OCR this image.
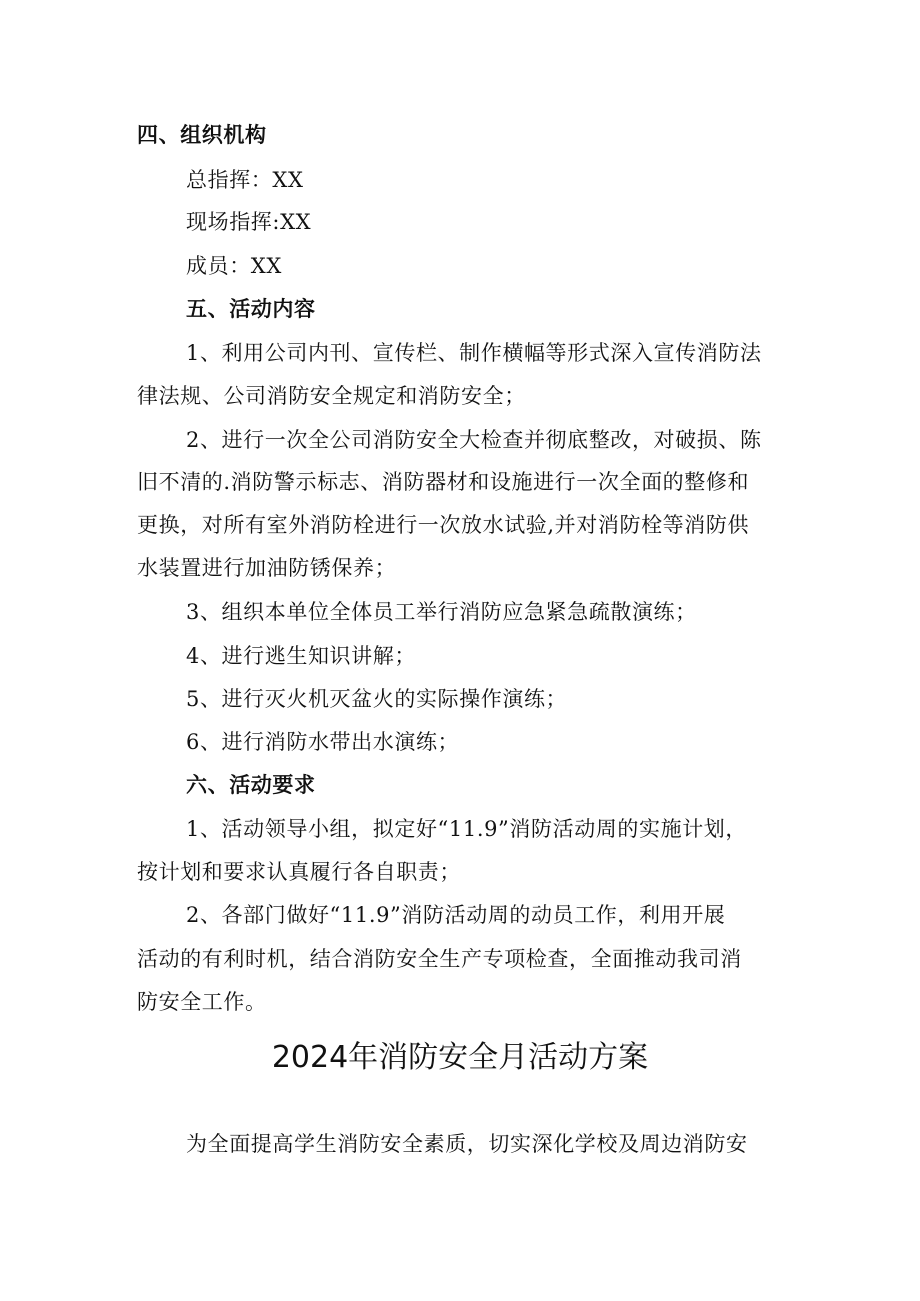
四、组织机构
总指挥：XX
现场指挥:XX
成员：XX
五、活动内容
1、利用公司内刊、宣传栏、制作横幅等形式深入宣传消防法
律法规、公司消防安全规定和消防安全；
2、进行一次全公司消防安全大检查并彻底整改，对破损、陈
旧不清的.消防警示标志、消防器材和设施进行一次全面的整修和
更换，对所有室外消防栓进行一次放水试验,并对消防栓等消防供
水装置进行加油防锈保养；
3、组织本单位全体员工举行消防应急紧急疏散演练；
4、进行逃生知识讲解；
5、进行灭火机灭盆火的实际操作演练；
6、进行消防水带出水演练；
六、活动要求
1、活动领导小组，拟定好“11.9”消防活动周的实施计划，
按计划和要求认真履行各自职责；
2、各部门做好“11.9”消防活动周的动员工作，利用开展
活动的有利时机，结合消防安全生产专项检查，全面推动我司消
防安全工作。
2024年消防安全月活动方案
为全面提高学生消防安全素质，切实深化学校及周边消防安
